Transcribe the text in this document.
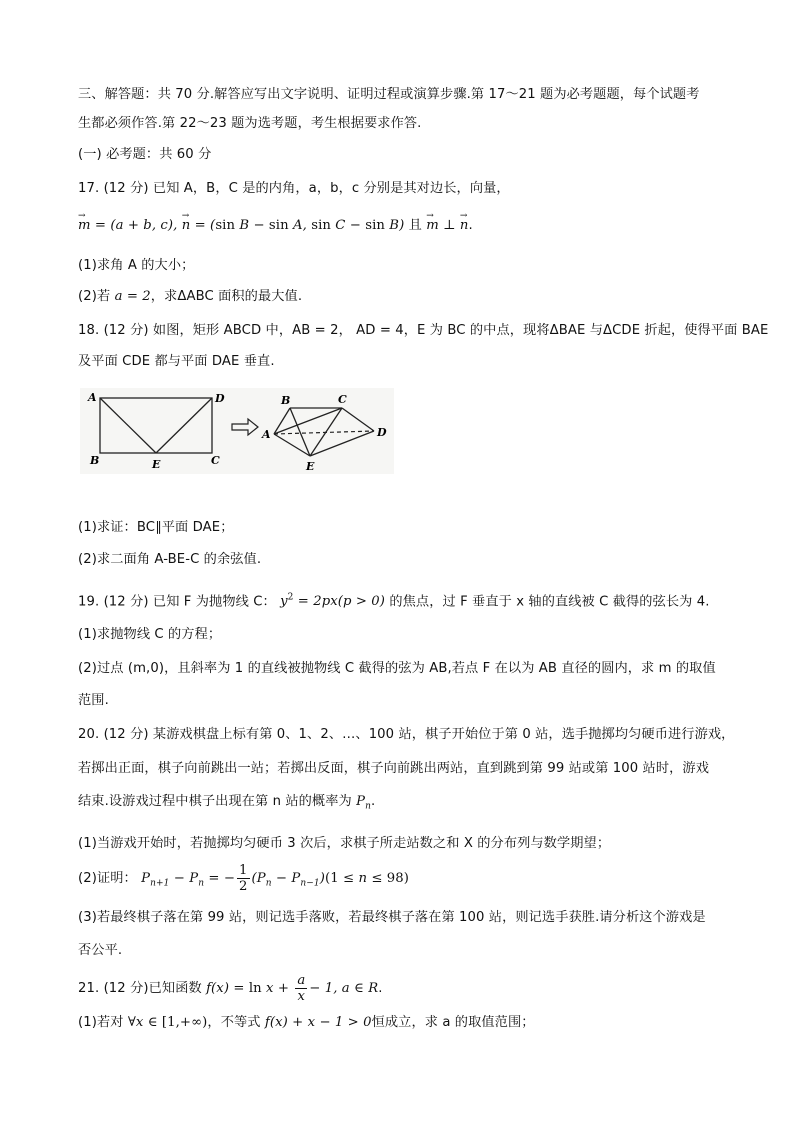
三、解答题：共 70 分.解答应写出文字说明、证明过程或演算步骤.第 17～21 题为必考题题，每个试题考
生都必须作答.第 22～23 题为选考题，考生根据要求作答.
(一) 必考题：共 60 分
17. (12 分) 已知 A，B，C 是的内角，a，b，c 分别是其对边长，向量，
→ m = (a + b, c), → n = (sin B − sin A, sin C − sin B) 且 → m ⊥ → n.
(1)求角 A 的大小；
(2)若 a = 2，求ΔABC 面积的最大值.
18. (12 分) 如图，矩形 ABCD 中，AB = 2， AD = 4，E 为 BC 的中点，现将ΔBAE 与ΔCDE 折起，使得平面 BAE
及平面 CDE 都与平面 DAE 垂直.
A	D
B	E	C
A
B	C
D
E
(1)求证：BC∥平面 DAE；
(2)求二面角 A-BE-C 的余弦值.
19. (12 分) 已知 F 为抛物线 C： $y^2 = 2px(p > 0)$ 的焦点，过 F 垂直于 x 轴的直线被 C 截得的弦长为 4.
(1)求抛物线 C 的方程；
(2)过点 (m,0)，且斜率为 1 的直线被抛物线 C 截得的弦为 AB,若点 F 在以为 AB 直径的圆内，求 m 的取值
范围.
20. (12 分) 某游戏棋盘上标有第 0、1、2、…、100 站，棋子开始位于第 0 站，选手抛掷均匀硬币进行游戏，
若掷出正面，棋子向前跳出一站；若掷出反面，棋子向前跳出两站，直到跳到第 99 站或第 100 站时，游戏
结束.设游戏过程中棋子出现在第 n 站的概率为 $P_n$.
(1)当游戏开始时，若抛掷均匀硬币 3 次后，求棋子所走站数之和 X 的分布列与数学期望；
(2)证明： $P_{n+1} - P_n$ = − $\frac{1}{2} (P_n - P_{n-1})(1 \le n \le 98)$
(3)若最终棋子落在第 99 站，则记选手落败，若最终棋子落在第 100 站，则记选手获胜.请分析这个游戏是
否公平.
21. (12 分)已知函数 $f(x) = \ln x + \frac{a}{x} - 1$, a ∈ R.
(1)若对 ∀x ∈ [1,+∞)，不等式 f(x) + x − 1 > 0恒成立，求 a 的取值范围；
